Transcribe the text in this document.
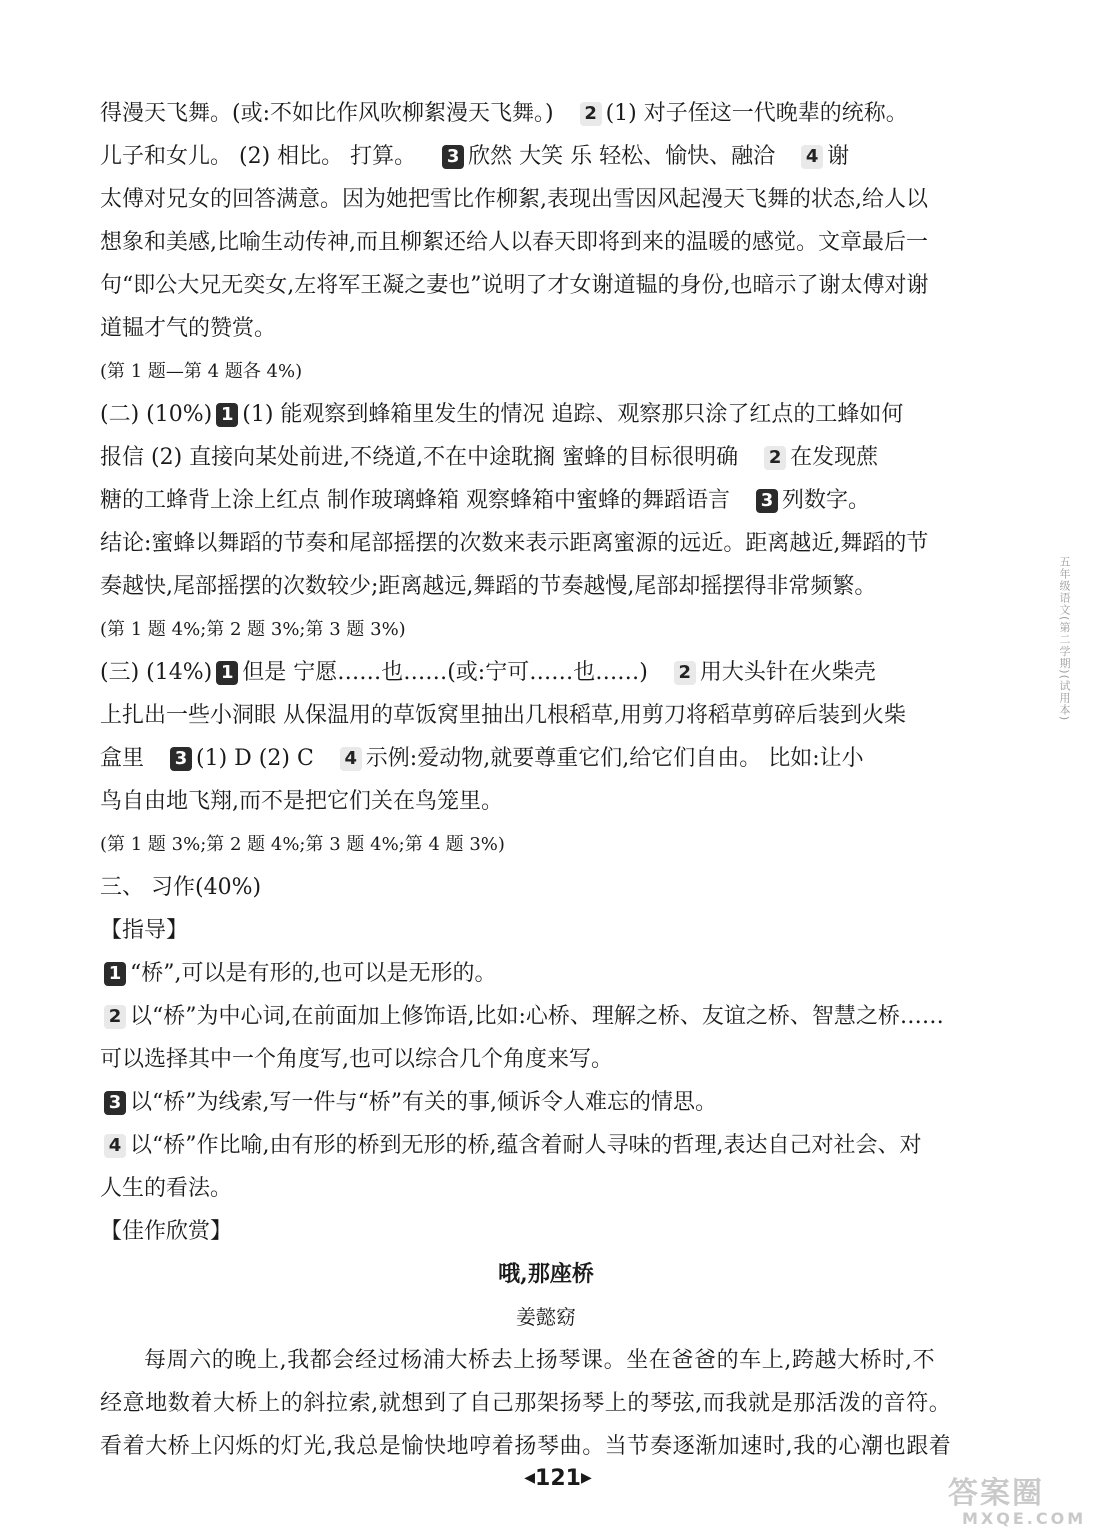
得漫天飞舞。(或:不如比作风吹柳絮漫天飞舞。) 2 (1) 对子侄这一代晚辈的统称。
儿子和女儿。 (2) 相比。 打算。 3 欣然 大笑 乐 轻松、愉快、融洽 4 谢
太傅对兄女的回答满意。因为她把雪比作柳絮,表现出雪因风起漫天飞舞的状态,给人以
想象和美感,比喻生动传神,而且柳絮还给人以春天即将到来的温暖的感觉。文章最后一
句“即公大兄无奕女,左将军王凝之妻也”说明了才女谢道韫的身份,也暗示了谢太傅对谢
道韫才气的赞赏。
(第 1 题—第 4 题各 4%)
(二) (10%) 1 (1) 能观察到蜂箱里发生的情况 追踪、观察那只涂了红点的工蜂如何
报信 (2) 直接向某处前进,不绕道,不在中途耽搁 蜜蜂的目标很明确 2 在发现蔗
糖的工蜂背上涂上红点 制作玻璃蜂箱 观察蜂箱中蜜蜂的舞蹈语言 3 列数字。
结论:蜜蜂以舞蹈的节奏和尾部摇摆的次数来表示距离蜜源的远近。距离越近,舞蹈的节
奏越快,尾部摇摆的次数较少;距离越远,舞蹈的节奏越慢,尾部却摇摆得非常频繁。
(第 1 题 4%;第 2 题 3%;第 3 题 3%)
(三) (14%) 1 但是 宁愿……也……(或:宁可……也……) 2 用大头针在火柴壳
上扎出一些小洞眼 从保温用的草饭窝里抽出几根稻草,用剪刀将稻草剪碎后装到火柴
盒里 3 (1) D (2) C 4 示例:爱动物,就要尊重它们,给它们自由。 比如:让小
鸟自由地飞翔,而不是把它们关在鸟笼里。
(第 1 题 3%;第 2 题 4%;第 3 题 4%;第 4 题 3%)
三、 习作(40%)
【指导】
1 “桥”,可以是有形的,也可以是无形的。
2 以“桥”为中心词,在前面加上修饰语,比如:心桥、理解之桥、友谊之桥、智慧之桥……
可以选择其中一个角度写,也可以综合几个角度来写。
3 以“桥”为线索,写一件与“桥”有关的事,倾诉令人难忘的情思。
4 以“桥”作比喻,由有形的桥到无形的桥,蕴含着耐人寻味的哲理,表达自己对社会、对
人生的看法。
【佳作欣赏】
哦,那座桥
姜懿窈
每周六的晚上,我都会经过杨浦大桥去上扬琴课。坐在爸爸的车上,跨越大桥时,不
经意地数着大桥上的斜拉索,就想到了自己那架扬琴上的琴弦,而我就是那活泼的音符。
看着大桥上闪烁的灯光,我总是愉快地哼着扬琴曲。当节奏逐渐加速时,我的心潮也跟着
五年级语文(第二学期)(试用本)
◀121▶	答案圈
MXQE.COM
